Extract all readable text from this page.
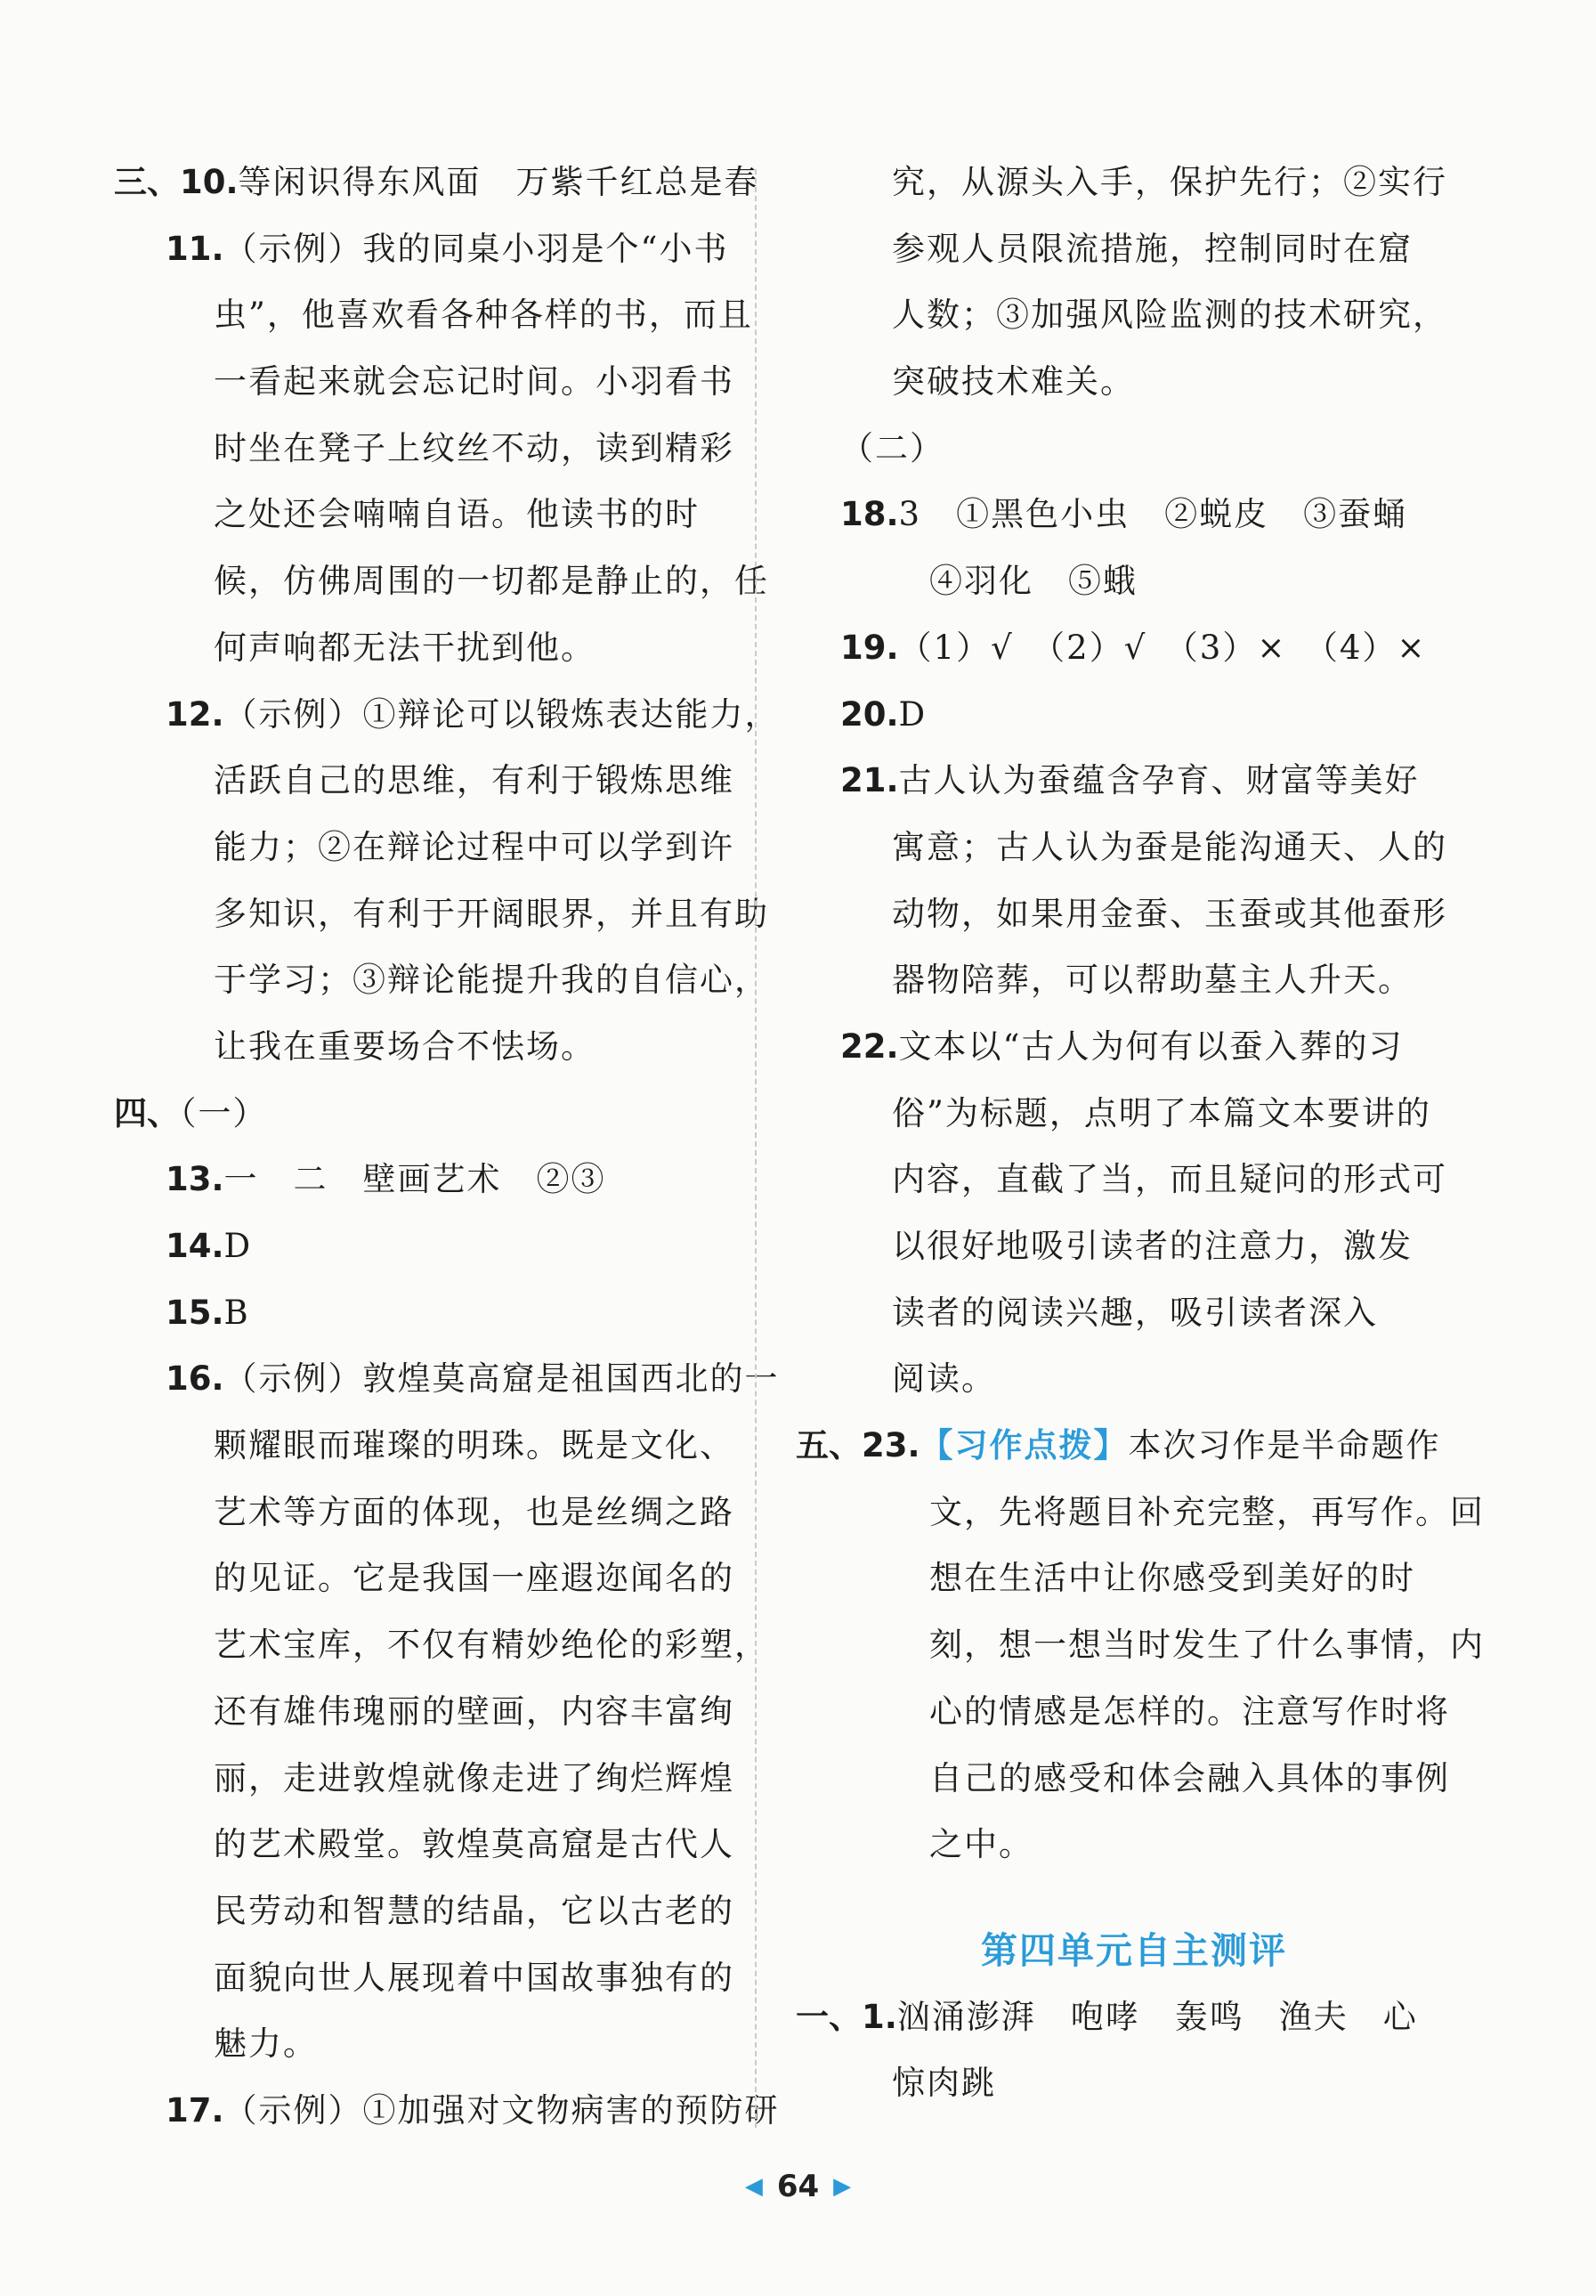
三、10.等闲识得东风面　万紫千红总是春
11.（示例）我的同桌小羽是个“小书
虫”，他喜欢看各种各样的书，而且
一看起来就会忘记时间。小羽看书
时坐在凳子上纹丝不动，读到精彩
之处还会喃喃自语。他读书的时
候，仿佛周围的一切都是静止的，任
何声响都无法干扰到他。
12.（示例）①辩论可以锻炼表达能力，
活跃自己的思维，有利于锻炼思维
能力；②在辩论过程中可以学到许
多知识，有利于开阔眼界，并且有助
于学习；③辩论能提升我的自信心，
让我在重要场合不怯场。
四、（一）
13.一　二　壁画艺术　②③
14.D
15.B
16.（示例）敦煌莫高窟是祖国西北的一
颗耀眼而璀璨的明珠。既是文化、
艺术等方面的体现，也是丝绸之路
的见证。它是我国一座遐迩闻名的
艺术宝库，不仅有精妙绝伦的彩塑，
还有雄伟瑰丽的壁画，内容丰富绚
丽，走进敦煌就像走进了绚烂辉煌
的艺术殿堂。敦煌莫高窟是古代人
民劳动和智慧的结晶，它以古老的
面貌向世人展现着中国故事独有的
魅力。
17.（示例）①加强对文物病害的预防研
究，从源头入手，保护先行；②实行
参观人员限流措施，控制同时在窟
人数；③加强风险监测的技术研究，
突破技术难关。
（二）
18.3　①黑色小虫　②蜕皮　③蚕蛹
④羽化　⑤蛾
19.（1）√　（2）√　（3）×　（4）×
20.D
21.古人认为蚕蕴含孕育、财富等美好
寓意；古人认为蚕是能沟通天、人的
动物，如果用金蚕、玉蚕或其他蚕形
器物陪葬，可以帮助墓主人升天。
22.文本以“古人为何有以蚕入葬的习
俗”为标题，点明了本篇文本要讲的
内容，直截了当，而且疑问的形式可
以很好地吸引读者的注意力，激发
读者的阅读兴趣，吸引读者深入
阅读。
五、23.【习作点拨】本次习作是半命题作
文，先将题目补充完整，再写作。回
想在生活中让你感受到美好的时
刻，想一想当时发生了什么事情，内
心的情感是怎样的。注意写作时将
自己的感受和体会融入具体的事例
之中。
第四单元自主测评
一、1.汹涌澎湃　咆哮　轰鸣　渔夫　心
惊肉跳
◀ 64 ▶
